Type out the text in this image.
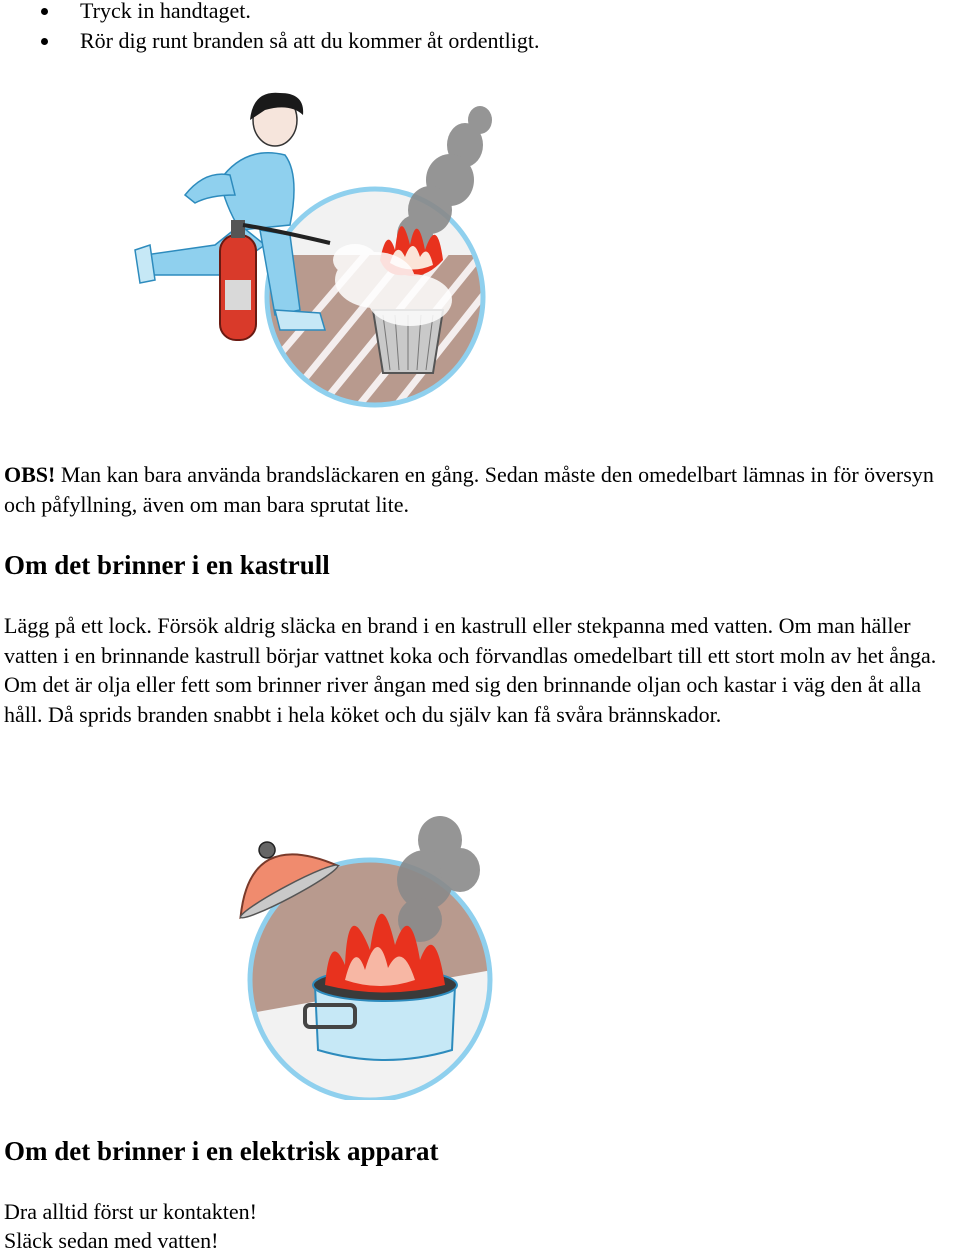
Tryck in handtaget.
Rör dig runt branden så att du kommer åt ordentligt.

OBS! Man kan bara använda brandsläckaren en gång. Sedan måste den omedelbart lämnas in för översyn och påfyllning, även om man bara sprutat lite.

Om det brinner i en kastrull

Lägg på ett lock. Försök aldrig släcka en brand i en kastrull eller stekpanna med vatten. Om man häller vatten i en brinnande kastrull börjar vattnet koka och förvandlas omedelbart till ett stort moln av het ånga. Om det är olja eller fett som brinner river ångan med sig den brinnande oljan och kastar i väg den åt alla håll. Då sprids branden snabbt i hela köket och du själv kan få svåra brännskador.

Om det brinner i en elektrisk apparat

Dra alltid först ur kontakten!

Släck sedan med vatten!
